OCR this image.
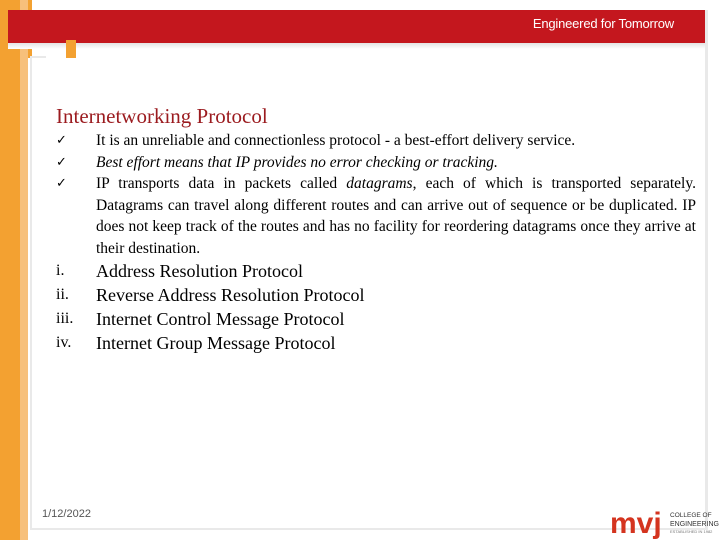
Engineered for Tomorrow
Internetworking Protocol
✓	It is an unreliable and connectionless protocol - a best-effort delivery service.
✓	Best effort means that IP provides no error checking or tracking.
✓	IP transports data in packets called datagrams, each of which is transported separately. Datagrams can travel along different routes and can arrive out of sequence or be duplicated. IP does not keep track of the routes and has no facility for reordering datagrams once they arrive at their destination.
i.	Address Resolution Protocol
ii.	Reverse Address Resolution Protocol
iii.	Internet Control Message Protocol
iv.	Internet Group Message Protocol
1/12/2022	mvj COLLEGE OF
ENGINEERING
ESTABLISHED IN 1982
